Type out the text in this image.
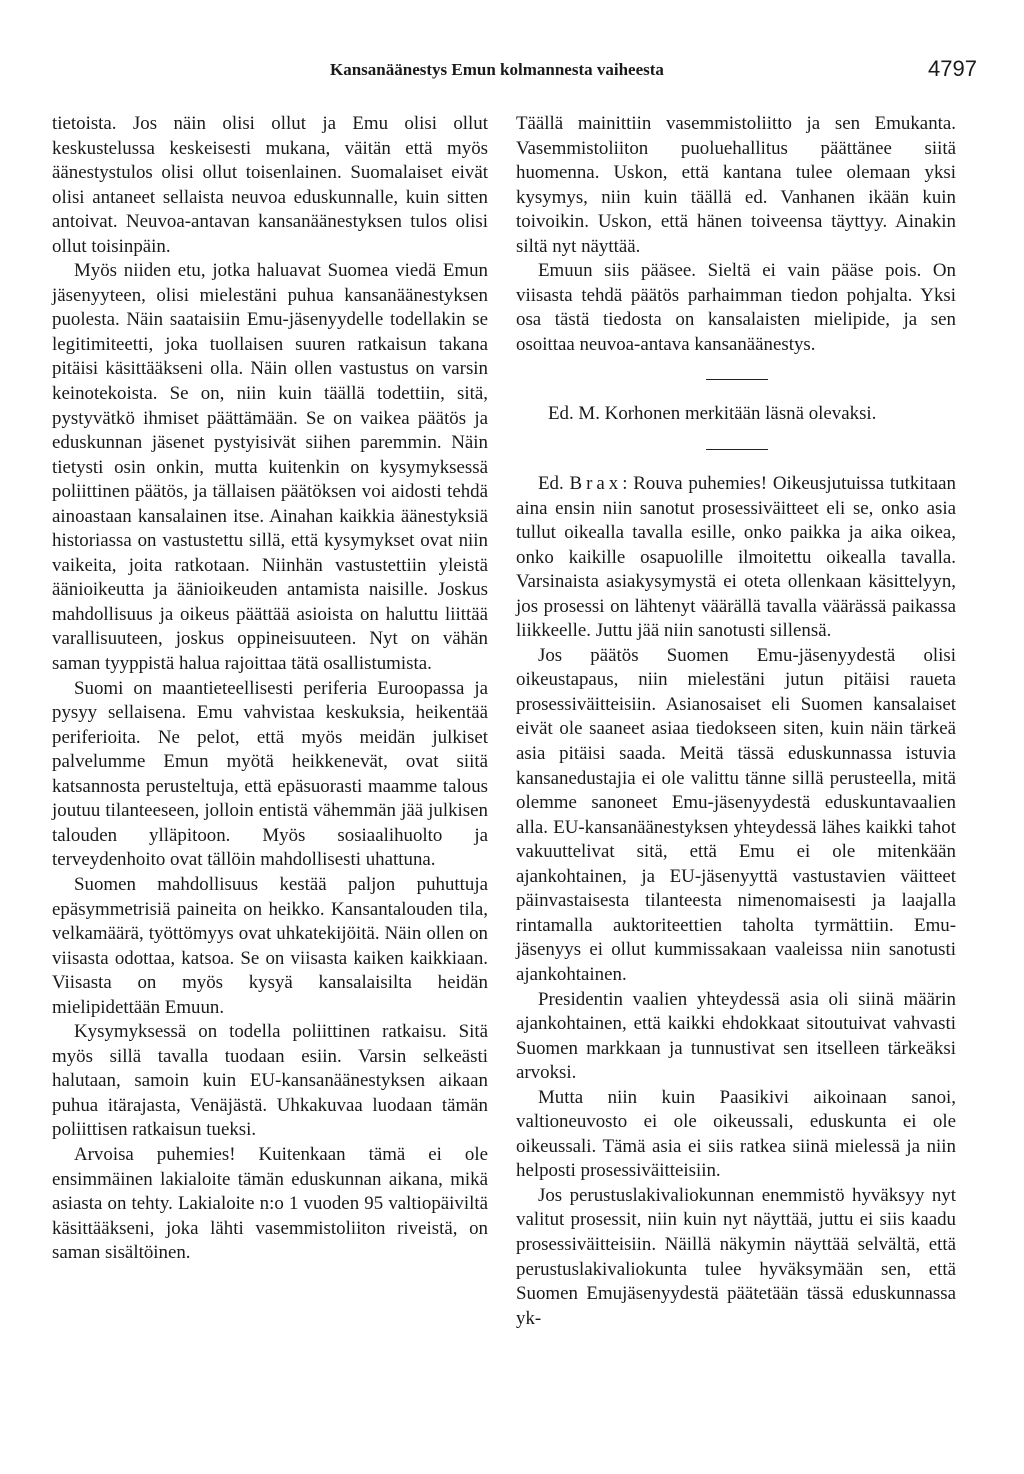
Kansanäänestys Emun kolmannesta vaiheesta	4797

tietoista. Jos näin olisi ollut ja Emu olisi ollut keskustelussa keskeisesti mukana, väitän että myös äänestystulos olisi ollut toisenlainen. Suomalaiset eivät olisi antaneet sellaista neuvoa eduskunnalle, kuin sitten antoivat. Neuvoa-antavan kansanäänestyksen tulos olisi ollut toisinpäin.

Myös niiden etu, jotka haluavat Suomea viedä Emun jäsenyyteen, olisi mielestäni puhua kansanäänestyksen puolesta. Näin saataisiin Emu-jäsenyydelle todellakin se legitimiteetti, joka tuollaisen suuren ratkaisun takana pitäisi käsittääkseni olla. Näin ollen vastustus on varsin keinotekoista. Se on, niin kuin täällä todettiin, sitä, pystyvätkö ihmiset päättämään. Se on vaikea päätös ja eduskunnan jäsenet pystyisivät siihen paremmin. Näin tietysti osin onkin, mutta kuitenkin on kysymyksessä poliittinen päätös, ja tällaisen päätöksen voi aidosti tehdä ainoastaan kansalainen itse. Ainahan kaikkia äänestyksiä historiassa on vastustettu sillä, että kysymykset ovat niin vaikeita, joita ratkotaan. Niinhän vastustettiin yleistä äänioikeutta ja äänioikeuden antamista naisille. Joskus mahdollisuus ja oikeus päättää asioista on haluttu liittää varallisuuteen, joskus oppineisuuteen. Nyt on vähän saman tyyppistä halua rajoittaa tätä osallistumista.

Suomi on maantieteellisesti periferia Euroopassa ja pysyy sellaisena. Emu vahvistaa keskuksia, heikentää periferioita. Ne pelot, että myös meidän julkiset palvelumme Emun myötä heikkenevät, ovat siitä katsannosta perusteltuja, että epäsuorasti maamme talous joutuu tilanteeseen, jolloin entistä vähemmän jää julkisen talouden ylläpitoon. Myös sosiaalihuolto ja terveydenhoito ovat tällöin mahdollisesti uhattuna.

Suomen mahdollisuus kestää paljon puhuttuja epäsymmetrisiä paineita on heikko. Kansantalouden tila, velkamäärä, työttömyys ovat uhkatekijöitä. Näin ollen on viisasta odottaa, katsoa. Se on viisasta kaiken kaikkiaan. Viisasta on myös kysyä kansalaisilta heidän mielipidettään Emuun.

Kysymyksessä on todella poliittinen ratkaisu. Sitä myös sillä tavalla tuodaan esiin. Varsin selkeästi halutaan, samoin kuin EU-kansanäänestyksen aikaan puhua itärajasta, Venäjästä. Uhkakuvaa luodaan tämän poliittisen ratkaisun tueksi.

Arvoisa puhemies! Kuitenkaan tämä ei ole ensimmäinen lakialoite tämän eduskunnan aikana, mikä asiasta on tehty. Lakialoite n:o 1 vuoden 95 valtiopäiviltä käsittääkseni, joka lähti vasemmistoliiton riveistä, on saman sisältöinen.

Täällä mainittiin vasemmistoliitto ja sen Emukanta. Vasemmistoliiton puoluehallitus päättänee siitä huomenna. Uskon, että kantana tulee olemaan yksi kysymys, niin kuin täällä ed. Vanhanen ikään kuin toivoikin. Uskon, että hänen toiveensa täyttyy. Ainakin siltä nyt näyttää.

Emuun siis pääsee. Sieltä ei vain pääse pois. On viisasta tehdä päätös parhaimman tiedon pohjalta. Yksi osa tästä tiedosta on kansalaisten mielipide, ja sen osoittaa neuvoa-antava kansanäänestys.

Ed. M. Korhonen merkitään läsnä olevaksi.

Ed. Brax: Rouva puhemies! Oikeusjutuissa tutkitaan aina ensin niin sanotut prosessiväitteet eli se, onko asia tullut oikealla tavalla esille, onko paikka ja aika oikea, onko kaikille osapuolille ilmoitettu oikealla tavalla. Varsinaista asiakysymystä ei oteta ollenkaan käsittelyyn, jos prosessi on lähtenyt väärällä tavalla väärässä paikassa liikkeelle. Juttu jää niin sanotusti sillensä.

Jos päätös Suomen Emu-jäsenyydestä olisi oikeustapaus, niin mielestäni jutun pitäisi raueta prosessiväitteisiin. Asianosaiset eli Suomen kansalaiset eivät ole saaneet asiaa tiedokseen siten, kuin näin tärkeä asia pitäisi saada. Meitä tässä eduskunnassa istuvia kansanedustajia ei ole valittu tänne sillä perusteella, mitä olemme sanoneet Emu-jäsenyydestä eduskuntavaalien alla. EU-kansanäänestyksen yhteydessä lähes kaikki tahot vakuuttelivat sitä, että Emu ei ole mitenkään ajankohtainen, ja EU-jäsenyyttä vastustavien väitteet päinvastaisesta tilanteesta nimenomaisesti ja laajalla rintamalla auktoriteettien taholta tyrmättiin. Emu-jäsenyys ei ollut kummissakaan vaaleissa niin sanotusti ajankohtainen.

Presidentin vaalien yhteydessä asia oli siinä määrin ajankohtainen, että kaikki ehdokkaat sitoutuivat vahvasti Suomen markkaan ja tunnustivat sen itselleen tärkeäksi arvoksi.

Mutta niin kuin Paasikivi aikoinaan sanoi, valtioneuvosto ei ole oikeussali, eduskunta ei ole oikeussali. Tämä asia ei siis ratkea siinä mielessä ja niin helposti prosessiväitteisiin.

Jos perustuslakivaliokunnan enemmistö hyväksyy nyt valitut prosessit, niin kuin nyt näyttää, juttu ei siis kaadu prosessiväitteisiin. Näillä näkymin näyttää selvältä, että perustuslakivaliokunta tulee hyväksymään sen, että Suomen Emujäsenyydestä päätetään tässä eduskunnassa yk-
